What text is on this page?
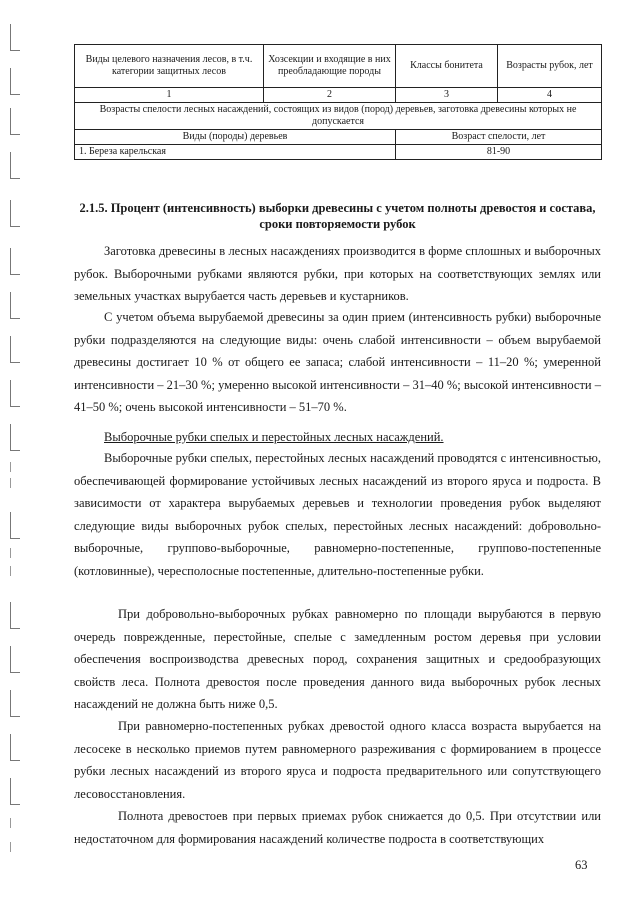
Виды целевого назначения лесов, в т.ч. категории защитных лесов	Хозсекции и входящие в них преобладающие породы	Классы бонитета	Возрасты рубок, лет
1	2	3	4
Возрасты спелости лесных насаждений, состоящих из видов (пород) деревьев, заготовка древесины которых не допускается			
Виды (породы) деревьев		Возраст спелости, лет	
1. Береза карельская		81-90	
2.1.5. Процент (интенсивность) выборки древесины с учетом полноты древостоя и состава, сроки повторяемости рубок

Заготовка древесины в лесных насаждениях производится в форме сплошных и выборочных рубок. Выборочными рубками являются рубки, при которых на соответствующих землях или земельных участках вырубается часть деревьев и кустарников.

С учетом объема вырубаемой древесины за один прием (интенсивность рубки) выборочные рубки подразделяются на следующие виды: очень слабой интенсивности – объем вырубаемой древесины достигает 10 % от общего ее запаса; слабой интенсивности – 11–20 %; умеренной интенсивности – 21–30 %; умеренно высокой интенсивности – 31–40 %; высокой интенсивности – 41–50 %; очень высокой интенсивности – 51–70 %.

Выборочные рубки спелых и перестойных лесных насаждений.

Выборочные рубки спелых, перестойных лесных насаждений проводятся с интенсивностью, обеспечивающей формирование устойчивых лесных насаждений из второго яруса и подроста. В зависимости от характера вырубаемых деревьев и технологии проведения рубок выделяют следующие виды выборочных рубок спелых, перестойных лесных насаждений: добровольно-выборочные, группово-выборочные, равномерно-постепенные, группово-постепенные (котловинные), чересполосные постепенные, длительно-постепенные рубки.

При добровольно-выборочных рубках равномерно по площади вырубаются в первую очередь поврежденные, перестойные, спелые с замедленным ростом деревья при условии обеспечения воспроизводства древесных пород, сохранения защитных и средообразующих свойств леса. Полнота древостоя после проведения данного вида выборочных рубок лесных насаждений не должна быть ниже 0,5.

При равномерно-постепенных рубках древостой одного класса возраста вырубается на лесосеке в несколько приемов путем равномерного разреживания с формированием в процессе рубки лесных насаждений из второго яруса и подроста предварительного или сопутствующего лесовосстановления.

Полнота древостоев при первых приемах рубок снижается до 0,5. При отсутствии или недостаточном для формирования насаждений количестве подроста в соответствующих

63
